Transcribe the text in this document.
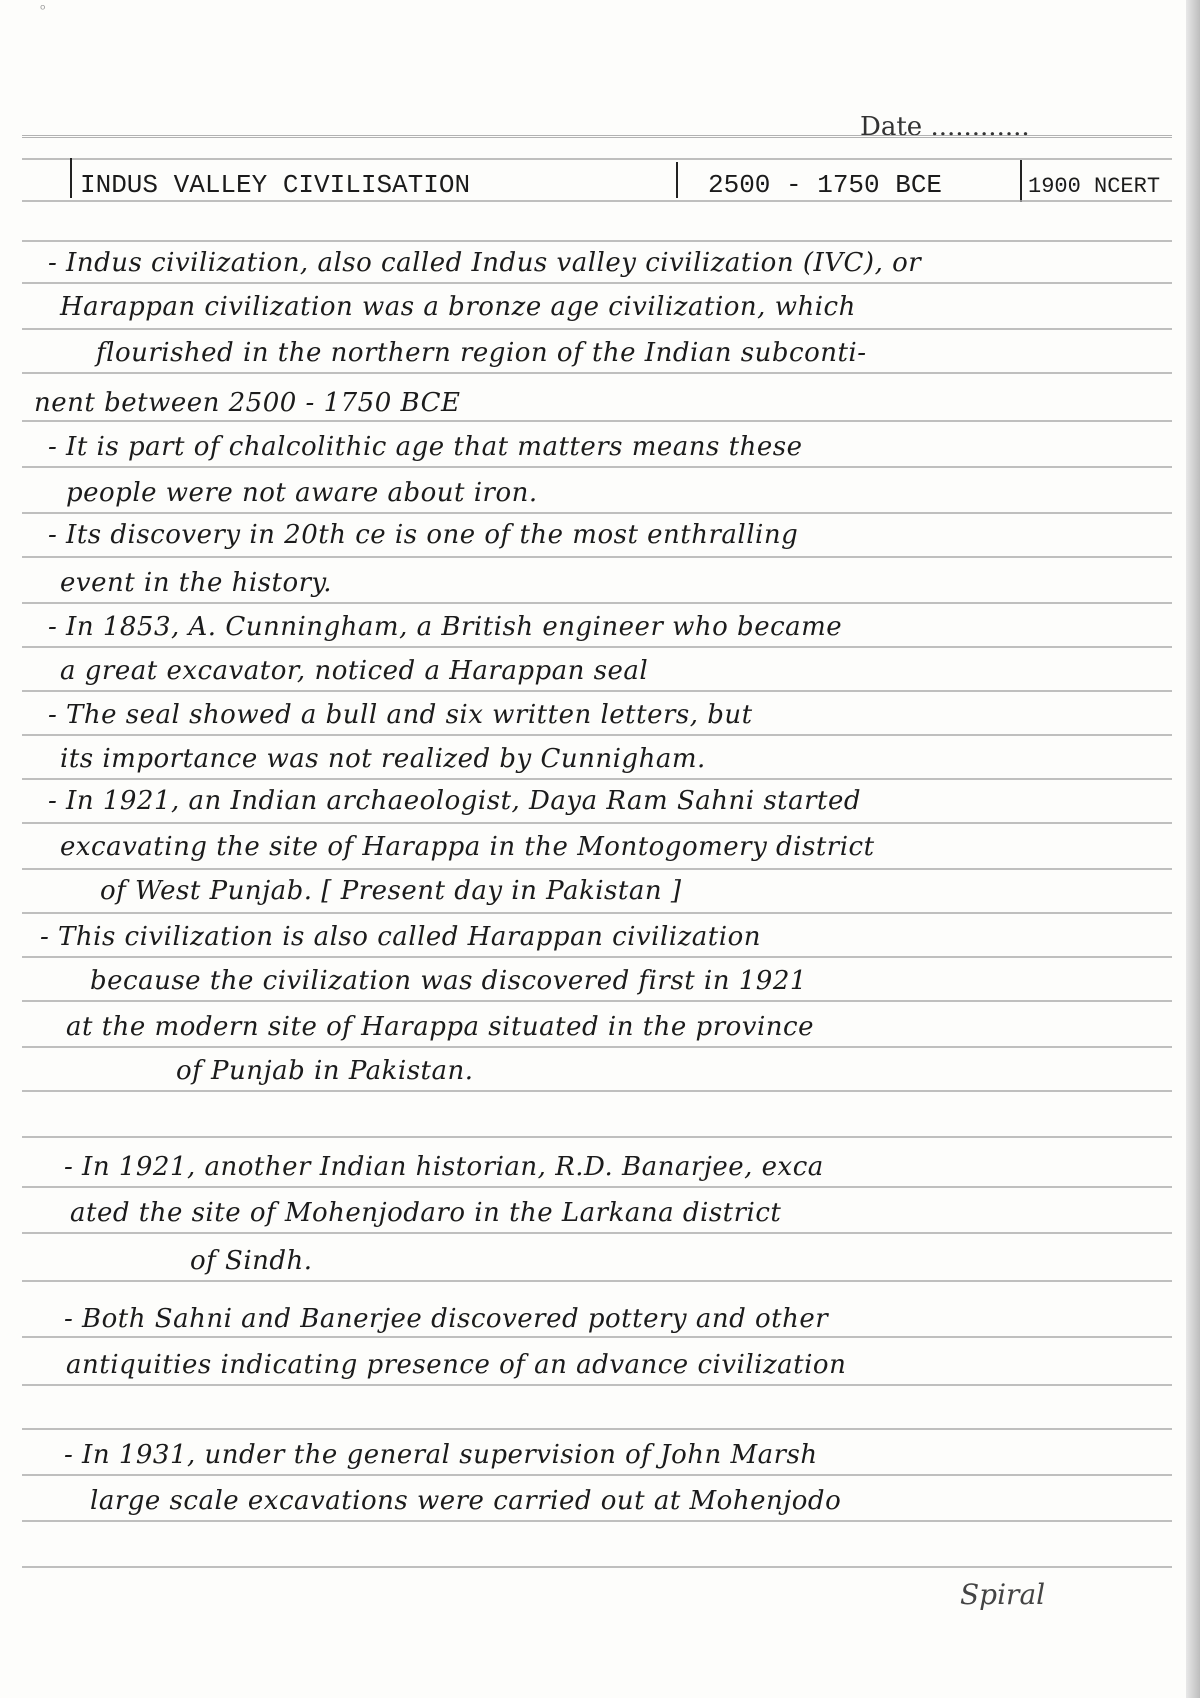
ᵒ
Date ............
INDUS VALLEY CIVILISATION	2500 - 1750 BCE	1900 NCERT
- Indus civilization, also called Indus valley civilization (IVC), or
Harappan civilization was a bronze age civilization, which
flourished in the northern region of the Indian subconti-
nent between 2500 - 1750 BCE
- It is part of chalcolithic age that matters means these
people were not aware about iron.
- Its discovery in 20th ce is one of the most enthralling
event in the history.
- In 1853, A. Cunningham, a British engineer who became
a great excavator, noticed a Harappan seal
- The seal showed a bull and six written letters, but
its importance was not realized by Cunnigham.
- In 1921, an Indian archaeologist, Daya Ram Sahni started
excavating the site of Harappa in the Montogomery district
of West Punjab. [ Present day in Pakistan ]
- This civilization is also called Harappan civilization
because the civilization was discovered first in 1921
at the modern site of Harappa situated in the province
of Punjab in Pakistan.
- In 1921, another Indian historian, R.D. Banarjee, exca
ated the site of Mohenjodaro in the Larkana district
of Sindh.
- Both Sahni and Banerjee discovered pottery and other
antiquities indicating presence of an advance civilization
- In 1931, under the general supervision of John Marsh
large scale excavations were carried out at Mohenjodo
Spiral
